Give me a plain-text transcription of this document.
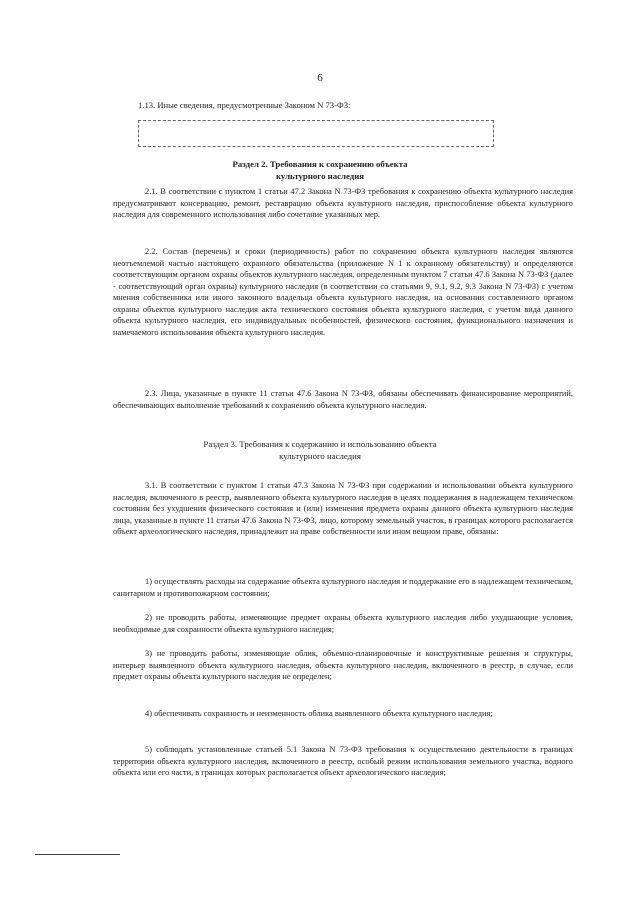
6
1.13. Иные сведения, предусмотренные Законом N 73-ФЗ:
Раздел 2. Требования к сохранению объекта
культурного наследия
2.1. В соответствии с пунктом 1 статьи 47.2 Закона N 73-ФЗ требования к сохранению объекта культурного наследия предусматривают консервацию, ремонт, реставрацию объекта культурного наследия, приспособление объекта культурного наследия для современного использования либо сочетание указанных мер.
2.2. Состав (перечень) и сроки (периодичность) работ по сохранению объекта культурного наследия являются неотъемлемой частью настоящего охранного обязательства (приложение N 1 к охранному обязательству) и определяются соответствующим органом охраны объектов культурного наследия, определенным пунктом 7 статьи 47.6 Закона N 73-ФЗ (далее - соответствующий орган охраны) культурного наследия (в соответствии со статьями 9, 9.1, 9.2, 9.3 Закона N 73-ФЗ) с учетом мнения собственника или иного законного владельца объекта культурного наследия, на основании составленного органом охраны объектов культурного наследия акта технического состояния объекта культурного наследия, с учетом вида данного объекта культурного наследия, его индивидуальных особенностей, физического состояния, функционального назначения и намечаемого использования объекта культурного наследия.
2.3. Лица, указанные в пункте 11 статьи 47.6 Закона N 73-ФЗ, обязаны обеспечивать финансирование мероприятий, обеспечивающих выполнение требований к сохранению объекта культурного наследия.
Раздел 3. Требования к содержанию и использованию объекта
культурного наследия
3.1. В соответствии с пунктом 1 статьи 47.3 Закона N 73-ФЗ при содержании и использовании объекта культурного наследия, включенного в реестр, выявленного объекта культурного наследия в целях поддержания в надлежащем техническом состоянии без ухудшения физического состояния и (или) изменения предмета охраны данного объекта культурного наследия лица, указанные в пункте 11 статьи 47.6 Закона N 73-ФЗ, лицо, которому земельный участок, в границах которого располагается объект археологического наследия, принадлежит на праве собственности или ином вещном праве, обязаны:
1) осуществлять расходы на содержание объекта культурного наследия и поддержание его в надлежащем техническом, санитарном и противопожарном состоянии;
2) не проводить работы, изменяющие предмет охраны объекта культурного наследия либо ухудшающие условия, необходимые для сохранности объекта культурного наследия;
3) не проводить работы, изменяющие облик, объемно-планировочные и конструктивные решения и структуры, интерьер выявленного объекта культурного наследия, объекта культурного наследия, включенного в реестр, в случае, если предмет охраны объекта культурного наследия не определен;
4) обеспечивать сохранность и неизменность облика выявленного объекта культурного наследия;
5) соблюдать установленные статьей 5.1 Закона N 73-ФЗ требования к осуществлению деятельности в границах территории объекта культурного наследия, включенного в реестр, особый режим использования земельного участка, водного объекта или его части, в границах которых располагается объект археологического наследия;
